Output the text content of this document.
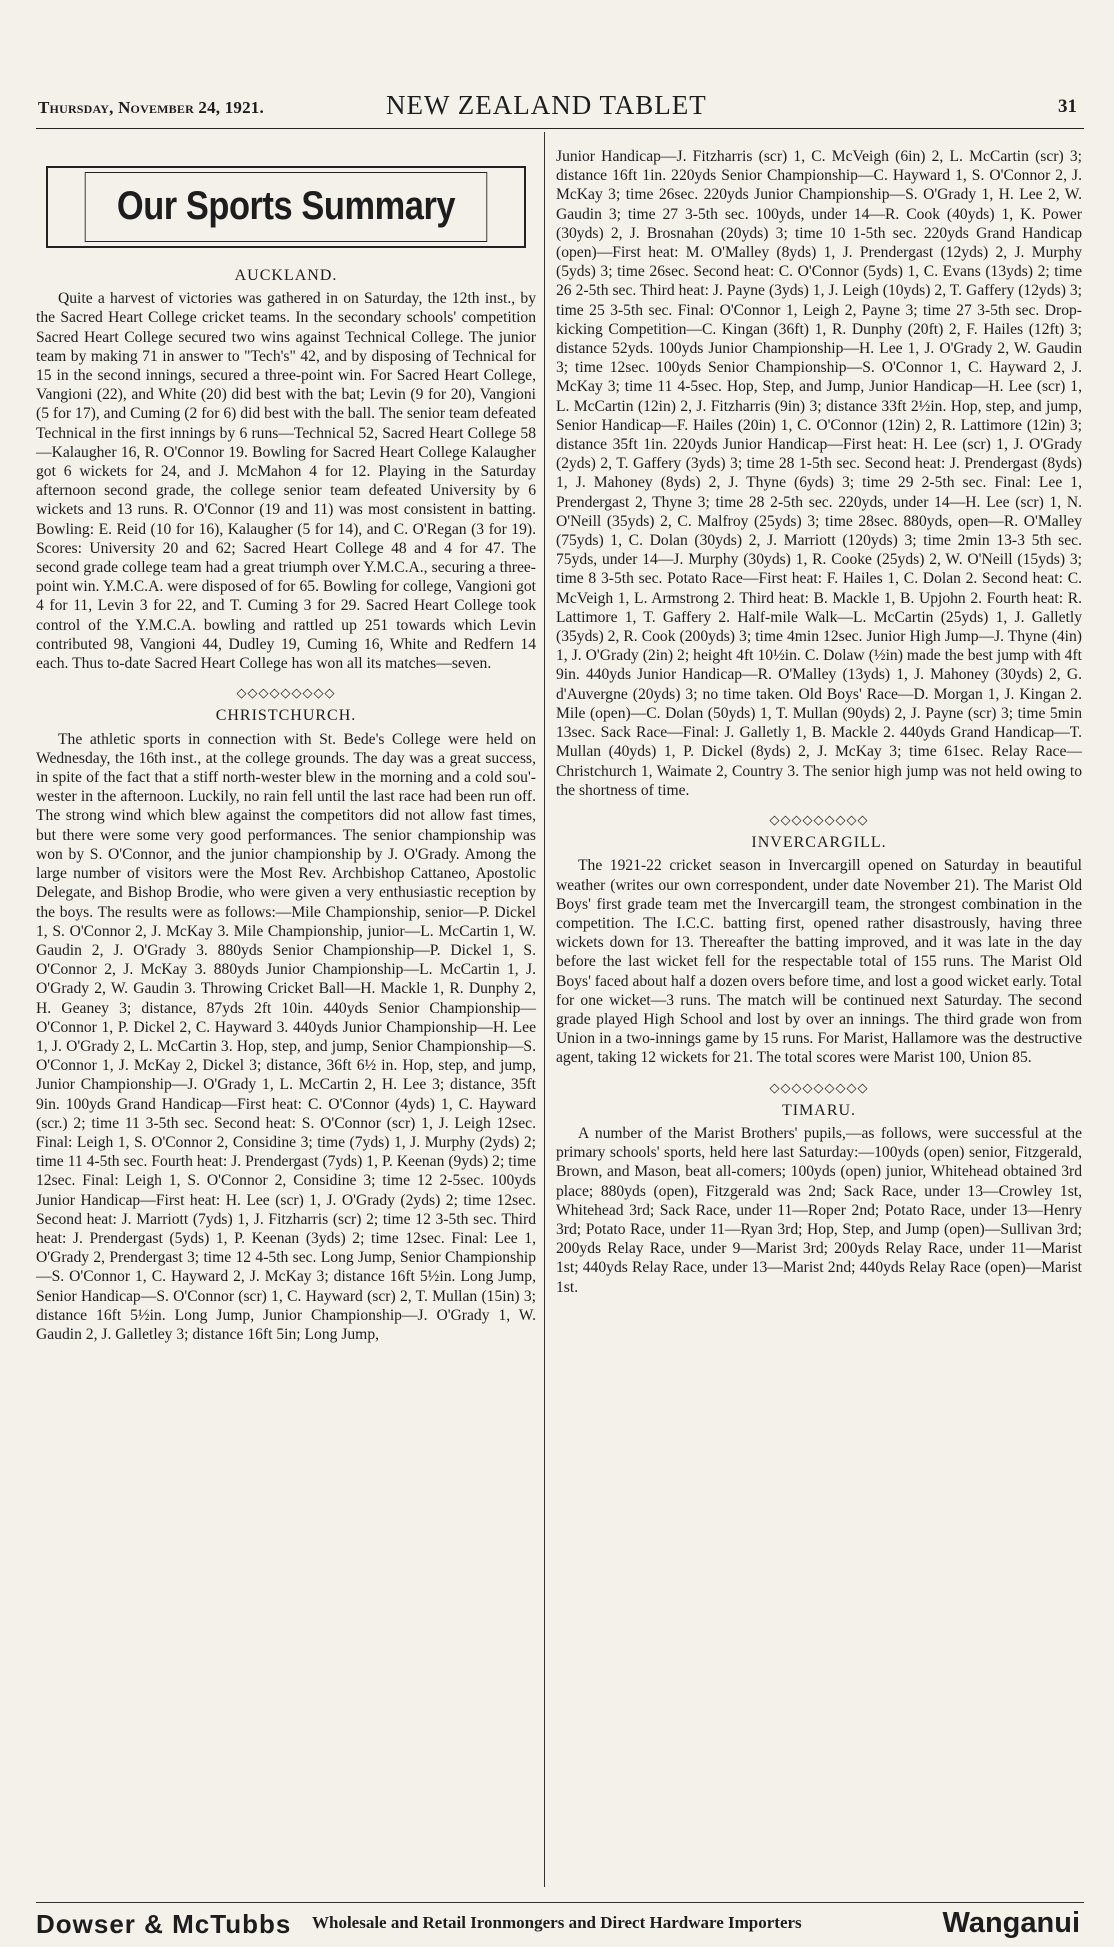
Thursday, November 24, 1921.	NEW ZEALAND TABLET	31
Our Sports Summary
AUCKLAND.

Quite a harvest of victories was gathered in on Saturday, the 12th inst., by the Sacred Heart College cricket teams. In the secondary schools' competition Sacred Heart College secured two wins against Technical College. The junior team by making 71 in answer to "Tech's" 42, and by disposing of Technical for 15 in the second innings, secured a three-point win. For Sacred Heart College, Vangioni (22), and White (20) did best with the bat; Levin (9 for 20), Vangioni (5 for 17), and Cuming (2 for 6) did best with the ball. The senior team defeated Technical in the first innings by 6 runs—Technical 52, Sacred Heart College 58—Kalaugher 16, R. O'Connor 19. Bowling for Sacred Heart College Kalaugher got 6 wickets for 24, and J. McMahon 4 for 12. Playing in the Saturday afternoon second grade, the college senior team defeated University by 6 wickets and 13 runs. R. O'Connor (19 and 11) was most consistent in batting. Bowling: E. Reid (10 for 16), Kalaugher (5 for 14), and C. O'Regan (3 for 19). Scores: University 20 and 62; Sacred Heart College 48 and 4 for 47. The second grade college team had a great triumph over Y.M.C.A., securing a three-point win. Y.M.C.A. were disposed of for 65. Bowling for college, Vangioni got 4 for 11, Levin 3 for 22, and T. Cuming 3 for 29. Sacred Heart College took control of the Y.M.C.A. bowling and rattled up 251 towards which Levin contributed 98, Vangioni 44, Dudley 19, Cuming 16, White and Redfern 14 each. Thus to-date Sacred Heart College has won all its matches—seven.

◇◇◇◇◇◇◇◇◇
CHRISTCHURCH.

The athletic sports in connection with St. Bede's College were held on Wednesday, the 16th inst., at the college grounds. The day was a great success, in spite of the fact that a stiff north-wester blew in the morning and a cold sou'-wester in the afternoon. Luckily, no rain fell until the last race had been run off. The strong wind which blew against the competitors did not allow fast times, but there were some very good performances. The senior championship was won by S. O'Connor, and the junior championship by J. O'Grady. Among the large number of visitors were the Most Rev. Archbishop Cattaneo, Apostolic Delegate, and Bishop Brodie, who were given a very enthusiastic reception by the boys. The results were as follows:—Mile Championship, senior—P. Dickel 1, S. O'Connor 2, J. McKay 3. Mile Championship, junior—L. McCartin 1, W. Gaudin 2, J. O'Grady 3. 880yds Senior Championship—P. Dickel 1, S. O'Connor 2, J. McKay 3. 880yds Junior Championship—L. McCartin 1, J. O'Grady 2, W. Gaudin 3. Throwing Cricket Ball—H. Mackle 1, R. Dunphy 2, H. Geaney 3; distance, 87yds 2ft 10in. 440yds Senior Championship—O'Connor 1, P. Dickel 2, C. Hayward 3. 440yds Junior Championship—H. Lee 1, J. O'Grady 2, L. McCartin 3. Hop, step, and jump, Senior Championship—S. O'Connor 1, J. McKay 2, Dickel 3; distance, 36ft 6½ in. Hop, step, and jump, Junior Championship—J. O'Grady 1, L. McCartin 2, H. Lee 3; distance, 35ft 9in. 100yds Grand Handicap—First heat: C. O'Connor (4yds) 1, C. Hayward (scr.) 2; time 11 3-5th sec. Second heat: S. O'Connor (scr) 1, J. Leigh 12sec. Final: Leigh 1, S. O'Connor 2, Considine 3; time (7yds) 1, J. Murphy (2yds) 2; time 11 4-5th sec. Fourth heat: J. Prendergast (7yds) 1, P. Keenan (9yds) 2; time 12sec. Final: Leigh 1, S. O'Connor 2, Considine 3; time 12 2-5sec. 100yds Junior Handicap—First heat: H. Lee (scr) 1, J. O'Grady (2yds) 2; time 12sec. Second heat: J. Marriott (7yds) 1, J. Fitzharris (scr) 2; time 12 3-5th sec. Third heat: J. Prendergast (5yds) 1, P. Keenan (3yds) 2; time 12sec. Final: Lee 1, O'Grady 2, Prendergast 3; time 12 4-5th sec. Long Jump, Senior Championship—S. O'Connor 1, C. Hayward 2, J. McKay 3; distance 16ft 5½in. Long Jump, Senior Handicap—S. O'Connor (scr) 1, C. Hayward (scr) 2, T. Mullan (15in) 3; distance 16ft 5½in. Long Jump, Junior Championship—J. O'Grady 1, W. Gaudin 2, J. Galletley 3; distance 16ft 5in; Long Jump,

Junior Handicap—J. Fitzharris (scr) 1, C. McVeigh (6in) 2, L. McCartin (scr) 3; distance 16ft 1in. 220yds Senior Championship—C. Hayward 1, S. O'Connor 2, J. McKay 3; time 26sec. 220yds Junior Championship—S. O'Grady 1, H. Lee 2, W. Gaudin 3; time 27 3-5th sec. 100yds, under 14—R. Cook (40yds) 1, K. Power (30yds) 2, J. Brosnahan (20yds) 3; time 10 1-5th sec. 220yds Grand Handicap (open)—First heat: M. O'Malley (8yds) 1, J. Prendergast (12yds) 2, J. Murphy (5yds) 3; time 26sec. Second heat: C. O'Connor (5yds) 1, C. Evans (13yds) 2; time 26 2-5th sec. Third heat: J. Payne (3yds) 1, J. Leigh (10yds) 2, T. Gaffery (12yds) 3; time 25 3-5th sec. Final: O'Connor 1, Leigh 2, Payne 3; time 27 3-5th sec. Drop-kicking Competition—C. Kingan (36ft) 1, R. Dunphy (20ft) 2, F. Hailes (12ft) 3; distance 52yds. 100yds Junior Championship—H. Lee 1, J. O'Grady 2, W. Gaudin 3; time 12sec. 100yds Senior Championship—S. O'Connor 1, C. Hayward 2, J. McKay 3; time 11 4-5sec. Hop, Step, and Jump, Junior Handicap—H. Lee (scr) 1, L. McCartin (12in) 2, J. Fitzharris (9in) 3; distance 33ft 2½in. Hop, step, and jump, Senior Handicap—F. Hailes (20in) 1, C. O'Connor (12in) 2, R. Lattimore (12in) 3; distance 35ft 1in. 220yds Junior Handicap—First heat: H. Lee (scr) 1, J. O'Grady (2yds) 2, T. Gaffery (3yds) 3; time 28 1-5th sec. Second heat: J. Prendergast (8yds) 1, J. Mahoney (8yds) 2, J. Thyne (6yds) 3; time 29 2-5th sec. Final: Lee 1, Prendergast 2, Thyne 3; time 28 2-5th sec. 220yds, under 14—H. Lee (scr) 1, N. O'Neill (35yds) 2, C. Malfroy (25yds) 3; time 28sec. 880yds, open—R. O'Malley (75yds) 1, C. Dolan (30yds) 2, J. Marriott (120yds) 3; time 2min 13-3 5th sec. 75yds, under 14—J. Murphy (30yds) 1, R. Cooke (25yds) 2, W. O'Neill (15yds) 3; time 8 3-5th sec. Potato Race—First heat: F. Hailes 1, C. Dolan 2. Second heat: C. McVeigh 1, L. Armstrong 2. Third heat: B. Mackle 1, B. Upjohn 2. Fourth heat: R. Lattimore 1, T. Gaffery 2. Half-mile Walk—L. McCartin (25yds) 1, J. Galletly (35yds) 2, R. Cook (200yds) 3; time 4min 12sec. Junior High Jump—J. Thyne (4in) 1, J. O'Grady (2in) 2; height 4ft 10½in. C. Dolaw (½in) made the best jump with 4ft 9in. 440yds Junior Handicap—R. O'Malley (13yds) 1, J. Mahoney (30yds) 2, G. d'Auvergne (20yds) 3; no time taken. Old Boys' Race—D. Morgan 1, J. Kingan 2. Mile (open)—C. Dolan (50yds) 1, T. Mullan (90yds) 2, J. Payne (scr) 3; time 5min 13sec. Sack Race—Final: J. Galletly 1, B. Mackle 2. 440yds Grand Handicap—T. Mullan (40yds) 1, P. Dickel (8yds) 2, J. McKay 3; time 61sec. Relay Race—Christchurch 1, Waimate 2, Country 3. The senior high jump was not held owing to the shortness of time.

◇◇◇◇◇◇◇◇◇
INVERCARGILL.

The 1921-22 cricket season in Invercargill opened on Saturday in beautiful weather (writes our own correspondent, under date November 21). The Marist Old Boys' first grade team met the Invercargill team, the strongest combination in the competition. The I.C.C. batting first, opened rather disastrously, having three wickets down for 13. Thereafter the batting improved, and it was late in the day before the last wicket fell for the respectable total of 155 runs. The Marist Old Boys' faced about half a dozen overs before time, and lost a good wicket early. Total for one wicket—3 runs. The match will be continued next Saturday. The second grade played High School and lost by over an innings. The third grade won from Union in a two-innings game by 15 runs. For Marist, Hallamore was the destructive agent, taking 12 wickets for 21. The total scores were Marist 100, Union 85.

◇◇◇◇◇◇◇◇◇
TIMARU.

A number of the Marist Brothers' pupils,—as follows, were successful at the primary schools' sports, held here last Saturday:—100yds (open) senior, Fitzgerald, Brown, and Mason, beat all-comers; 100yds (open) junior, Whitehead obtained 3rd place; 880yds (open), Fitzgerald was 2nd; Sack Race, under 13—Crowley 1st, Whitehead 3rd; Sack Race, under 11—Roper 2nd; Potato Race, under 13—Henry 3rd; Potato Race, under 11—Ryan 3rd; Hop, Step, and Jump (open)—Sullivan 3rd; 200yds Relay Race, under 9—Marist 3rd; 200yds Relay Race, under 11—Marist 1st; 440yds Relay Race, under 13—Marist 2nd; 440yds Relay Race (open)—Marist 1st.

Dowser & McTubbs Wholesale and Retail Ironmongers and Direct Hardware Importers	Wanganui
